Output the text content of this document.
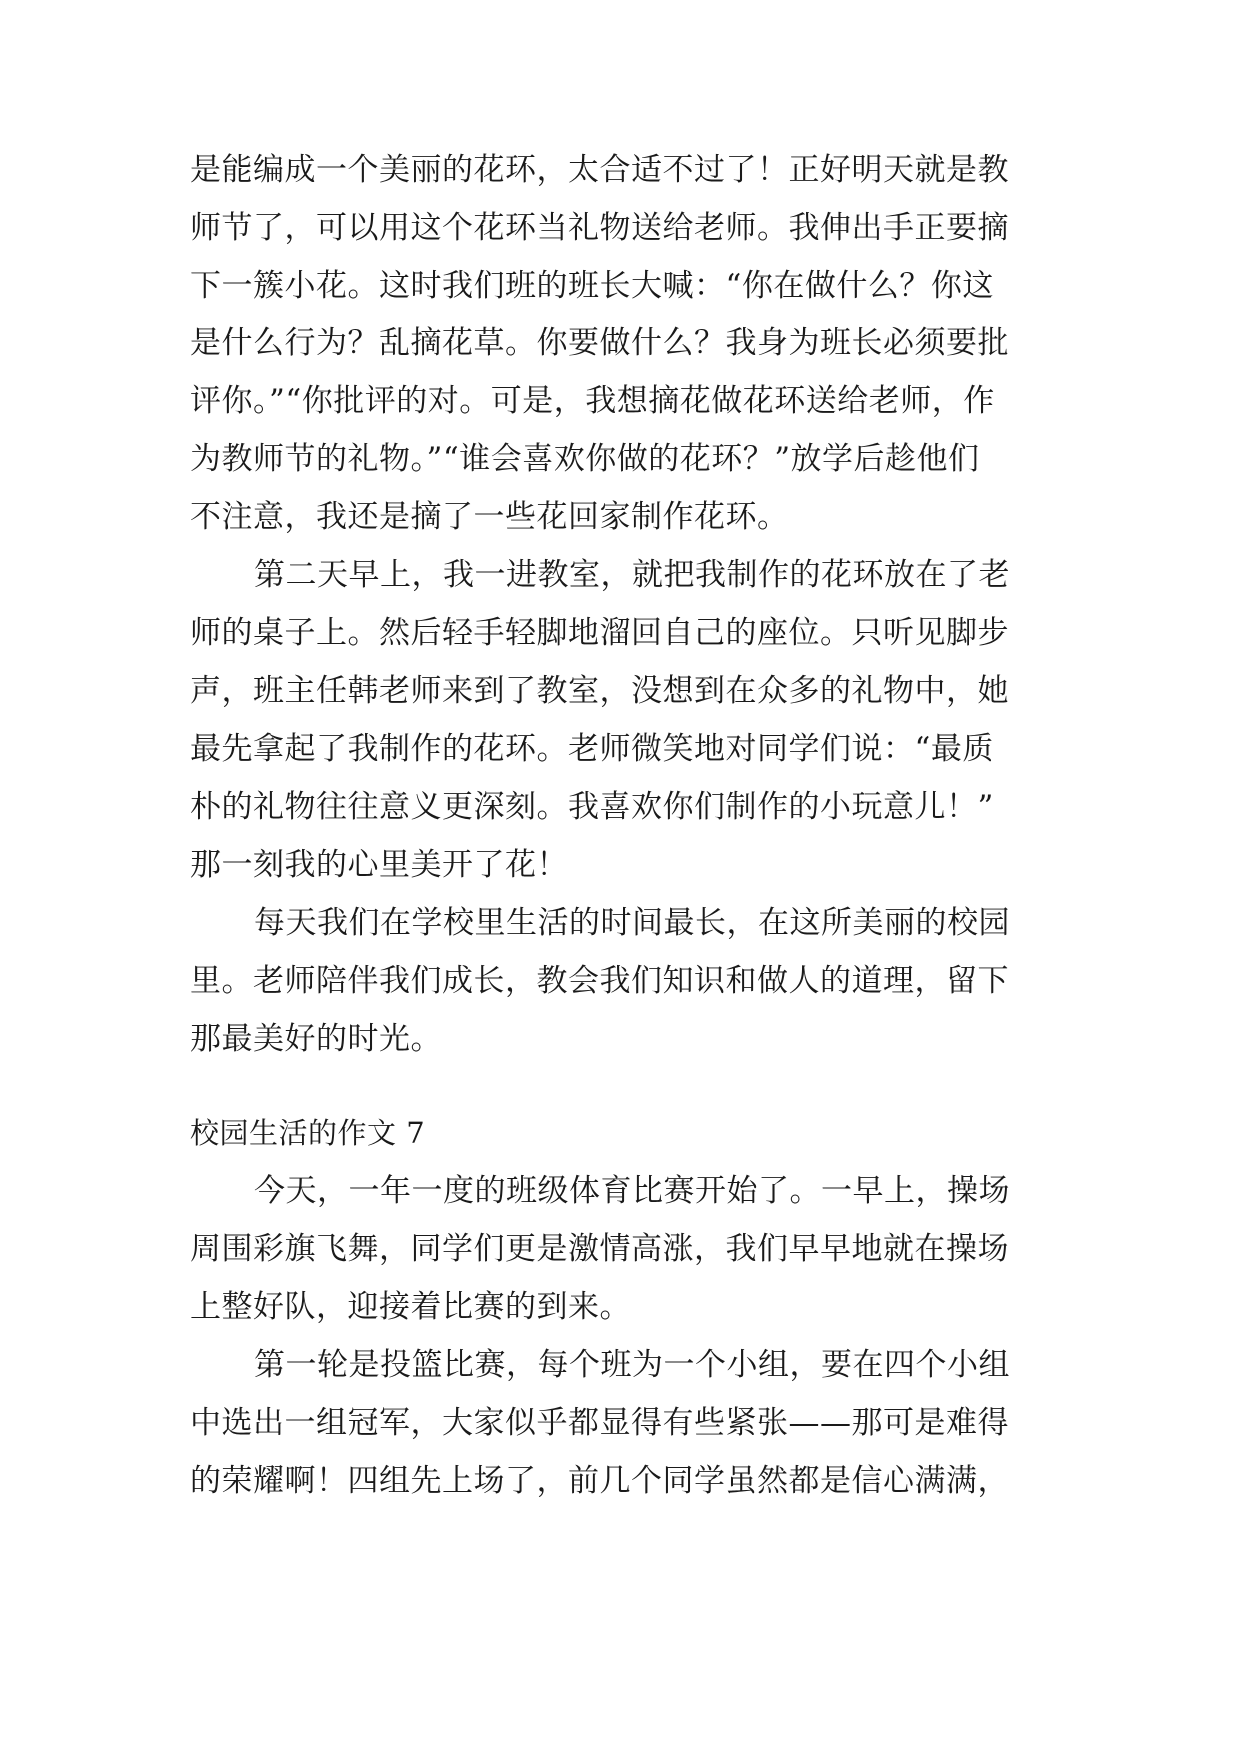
是能编成一个美丽的花环，太合适不过了！正好明天就是教
师节了，可以用这个花环当礼物送给老师。我伸出手正要摘
下一簇小花。这时我们班的班长大喊：“你在做什么？你这
是什么行为？乱摘花草。你要做什么？我身为班长必须要批
评你。”“你批评的对。可是，我想摘花做花环送给老师，作
为教师节的礼物。”“谁会喜欢你做的花环？”放学后趁他们
不注意，我还是摘了一些花回家制作花环。
第二天早上，我一进教室，就把我制作的花环放在了老
师的桌子上。然后轻手轻脚地溜回自己的座位。只听见脚步
声，班主任韩老师来到了教室，没想到在众多的礼物中，她
最先拿起了我制作的花环。老师微笑地对同学们说：“最质
朴的礼物往往意义更深刻。我喜欢你们制作的小玩意儿！”
那一刻我的心里美开了花！
每天我们在学校里生活的时间最长，在这所美丽的校园
里。老师陪伴我们成长，教会我们知识和做人的道理，留下
那最美好的时光。
校园生活的作文 7
今天，一年一度的班级体育比赛开始了。一早上，操场
周围彩旗飞舞，同学们更是激情高涨，我们早早地就在操场
上整好队，迎接着比赛的到来。
第一轮是投篮比赛，每个班为一个小组，要在四个小组
中选出一组冠军，大家似乎都显得有些紧张——那可是难得
的荣耀啊！四组先上场了，前几个同学虽然都是信心满满，
